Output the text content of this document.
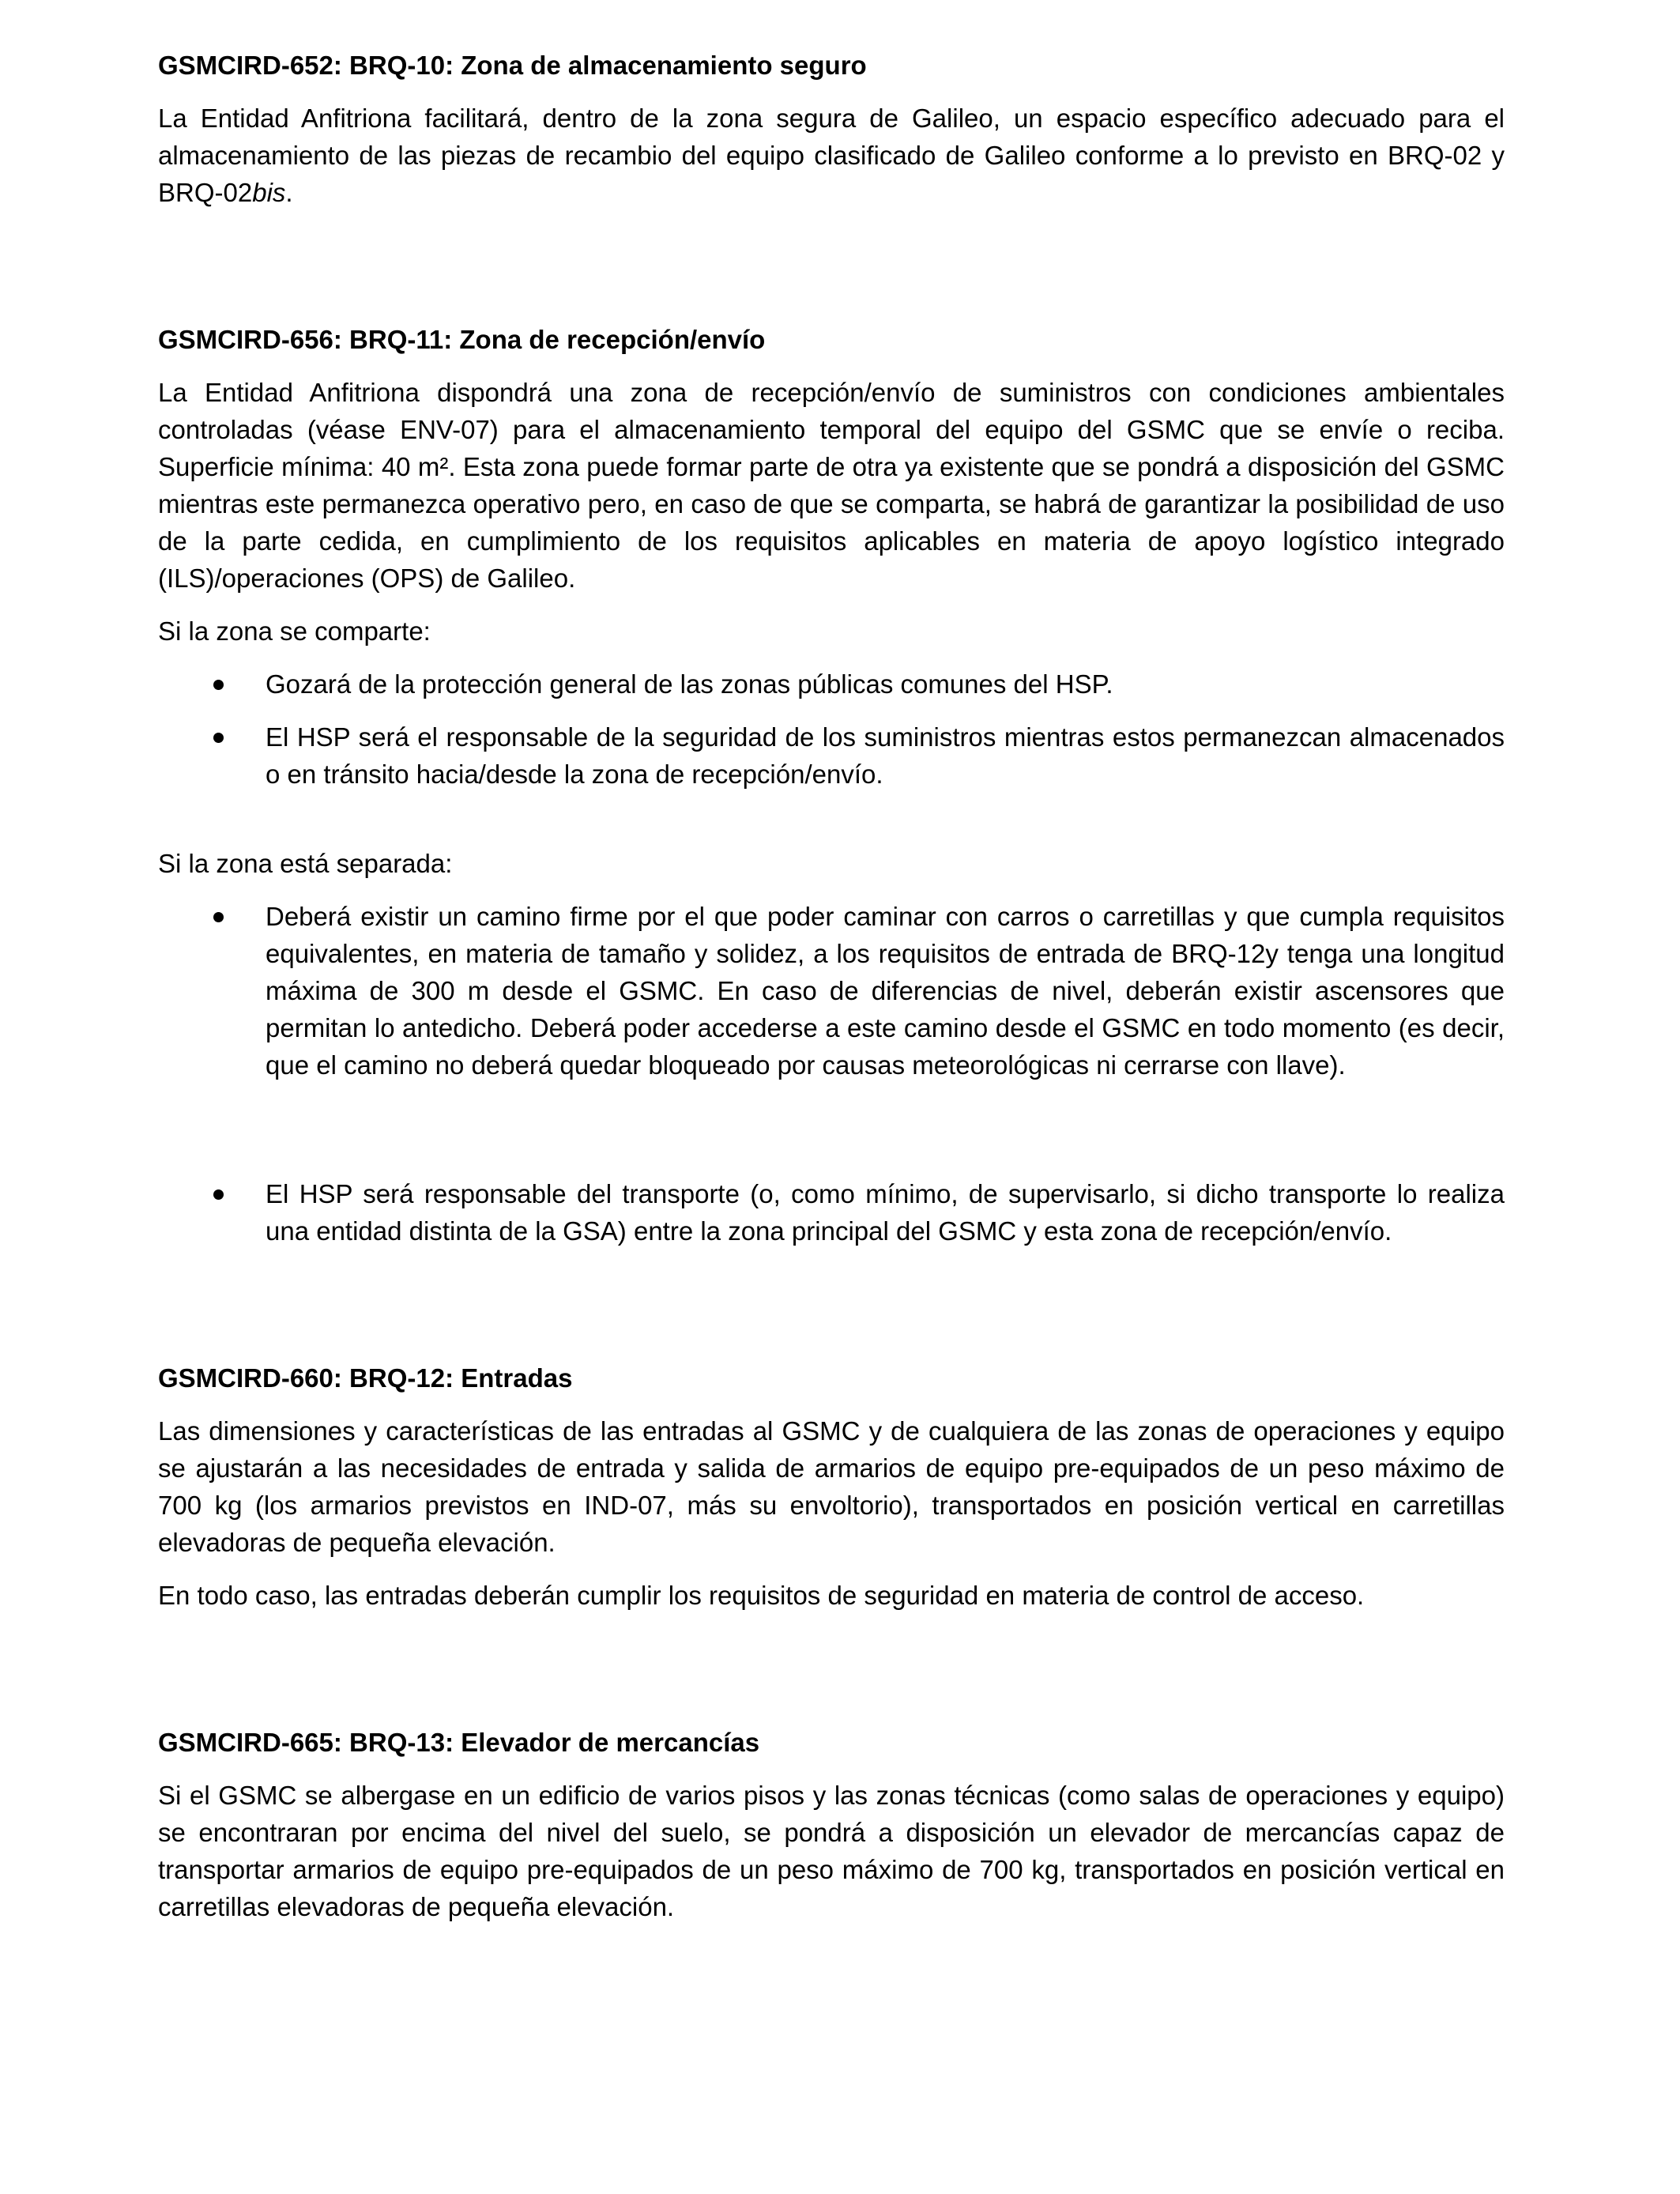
GSMCIRD-652: BRQ-10: Zona de almacenamiento seguro

La Entidad Anfitriona facilitará, dentro de la zona segura de Galileo, un espacio específico adecuado para el almacenamiento de las piezas de recambio del equipo clasificado de Galileo conforme a lo previsto en BRQ-02 y BRQ-02bis.

GSMCIRD-656: BRQ-11: Zona de recepción/envío

La Entidad Anfitriona dispondrá una zona de recepción/envío de suministros con condiciones ambientales controladas (véase ENV-07) para el almacenamiento temporal del equipo del GSMC que se envíe o reciba. Superficie mínima: 40 m². Esta zona puede formar parte de otra ya existente que se pondrá a disposición del GSMC mientras este permanezca operativo pero, en caso de que se comparta, se habrá de garantizar la posibilidad de uso de la parte cedida, en cumplimiento de los requisitos aplicables en materia de apoyo logístico integrado (ILS)/operaciones (OPS) de Galileo.

Si la zona se comparte:

Gozará de la protección general de las zonas públicas comunes del HSP.
El HSP será el responsable de la seguridad de los suministros mientras estos permanezcan almacenados o en tránsito hacia/desde la zona de recepción/envío.

Si la zona está separada:

Deberá existir un camino firme por el que poder caminar con carros o carretillas y que cumpla requisitos equivalentes, en materia de tamaño y solidez, a los requisitos de entrada de BRQ-12y tenga una longitud máxima de 300 m desde el GSMC. En caso de diferencias de nivel, deberán existir ascensores que permitan lo antedicho. Deberá poder accederse a este camino desde el GSMC en todo momento (es decir, que el camino no deberá quedar bloqueado por causas meteorológicas ni cerrarse con llave).
El HSP será responsable del transporte (o, como mínimo, de supervisarlo, si dicho transporte lo realiza una entidad distinta de la GSA) entre la zona principal del GSMC y esta zona de recepción/envío.
GSMCIRD-660: BRQ-12: Entradas

Las dimensiones y características de las entradas al GSMC y de cualquiera de las zonas de operaciones y equipo se ajustarán a las necesidades de entrada y salida de armarios de equipo pre-equipados de un peso máximo de 700 kg (los armarios previstos en IND-07, más su envoltorio), transportados en posición vertical en carretillas elevadoras de pequeña elevación.

En todo caso, las entradas deberán cumplir los requisitos de seguridad en materia de control de acceso.

GSMCIRD-665: BRQ-13: Elevador de mercancías

Si el GSMC se albergase en un edificio de varios pisos y las zonas técnicas (como salas de operaciones y equipo) se encontraran por encima del nivel del suelo, se pondrá a disposición un elevador de mercancías capaz de transportar armarios de equipo pre-equipados de un peso máximo de 700 kg, transportados en posición vertical en carretillas elevadoras de pequeña elevación.
